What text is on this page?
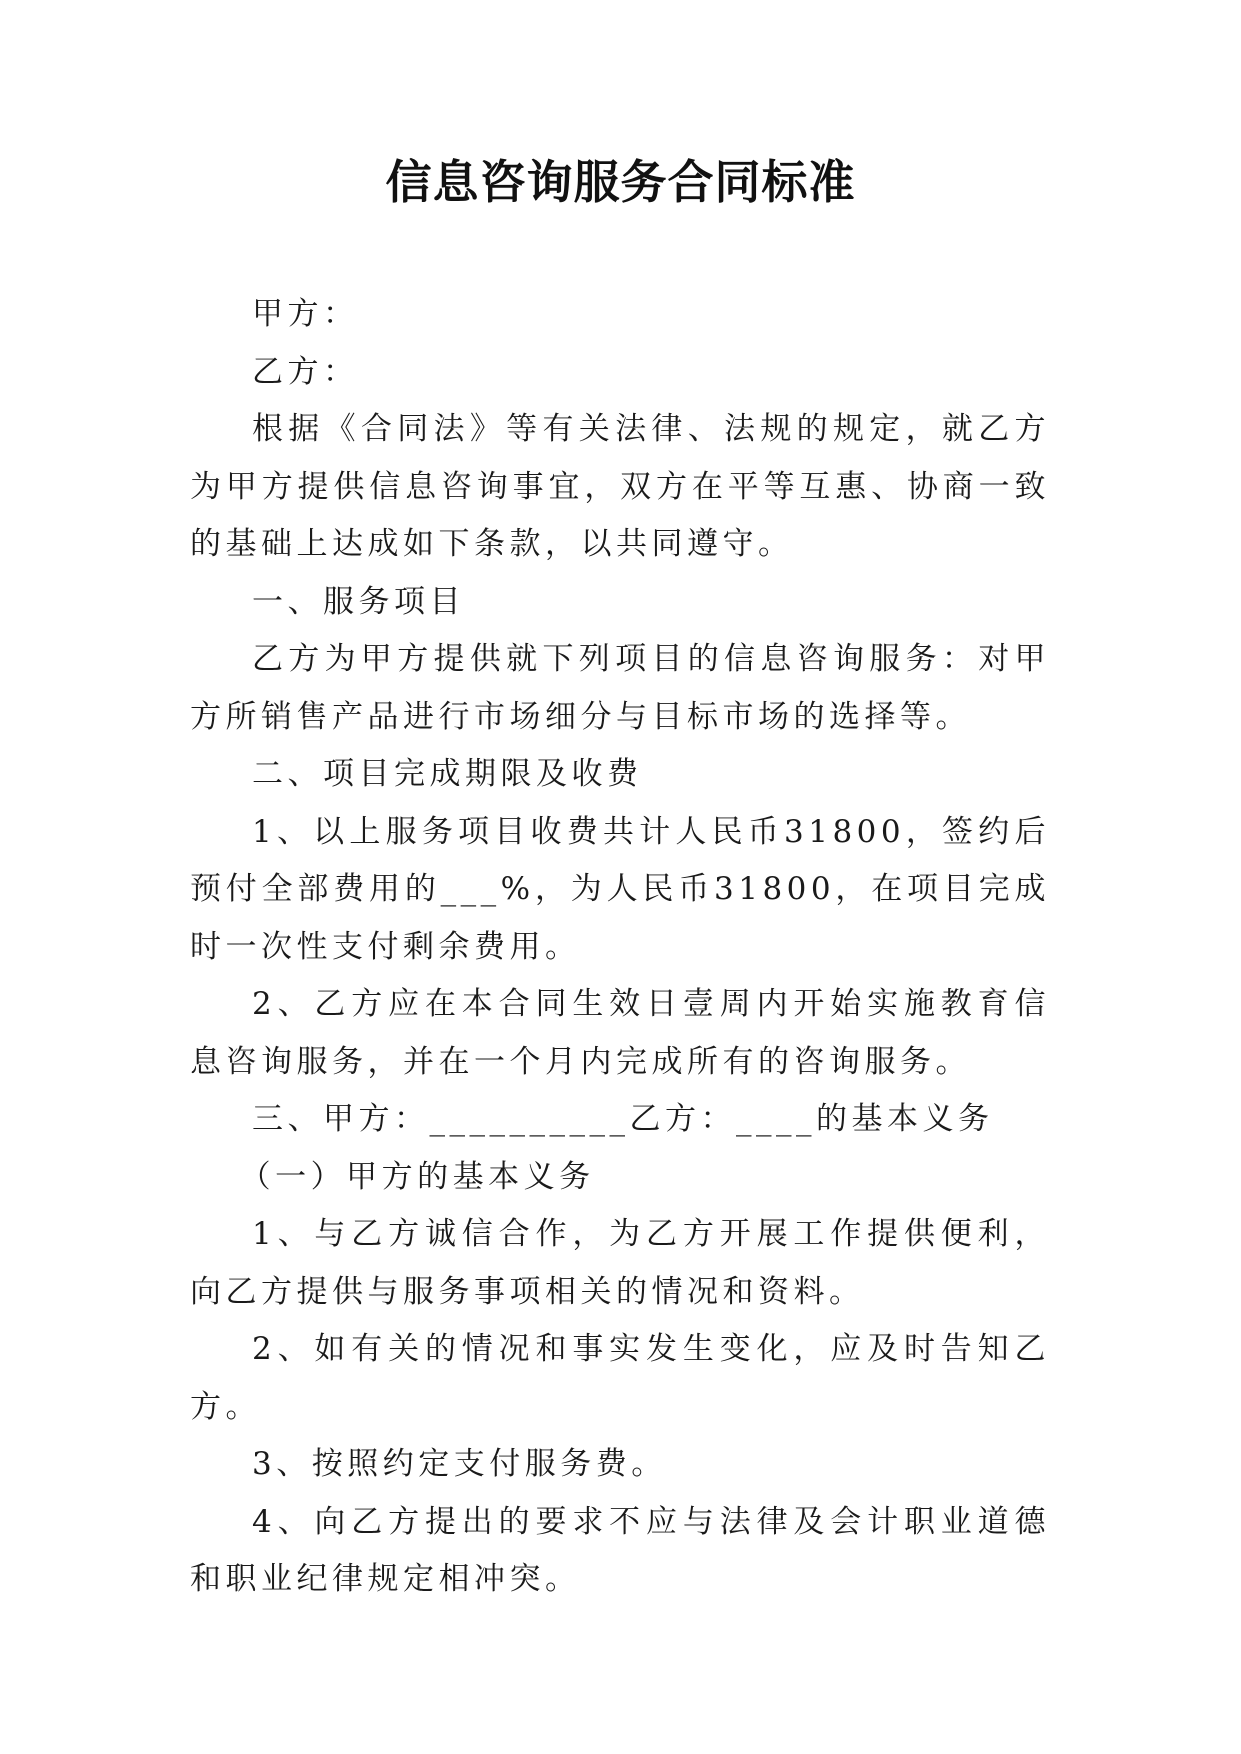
信息咨询服务合同标准

甲方：

乙方：

根据《合同法》等有关法律、法规的规定，就乙方为甲方提供信息咨询事宜，双方在平等互惠、协商一致的基础上达成如下条款，以共同遵守。

一、服务项目

乙方为甲方提供就下列项目的信息咨询服务：对甲方所销售产品进行市场细分与目标市场的选择等。

二、项目完成期限及收费

1、以上服务项目收费共计人民币31800，签约后预付全部费用的___%，为人民币31800，在项目完成时一次性支付剩余费用。

2、乙方应在本合同生效日壹周内开始实施教育信息咨询服务，并在一个月内完成所有的咨询服务。

三、甲方：__________乙方：____的基本义务

（一）甲方的基本义务

1、与乙方诚信合作，为乙方开展工作提供便利，向乙方提供与服务事项相关的情况和资料。

2、如有关的情况和事实发生变化，应及时告知乙方。

3、按照约定支付服务费。

4、向乙方提出的要求不应与法律及会计职业道德和职业纪律规定相冲突。
